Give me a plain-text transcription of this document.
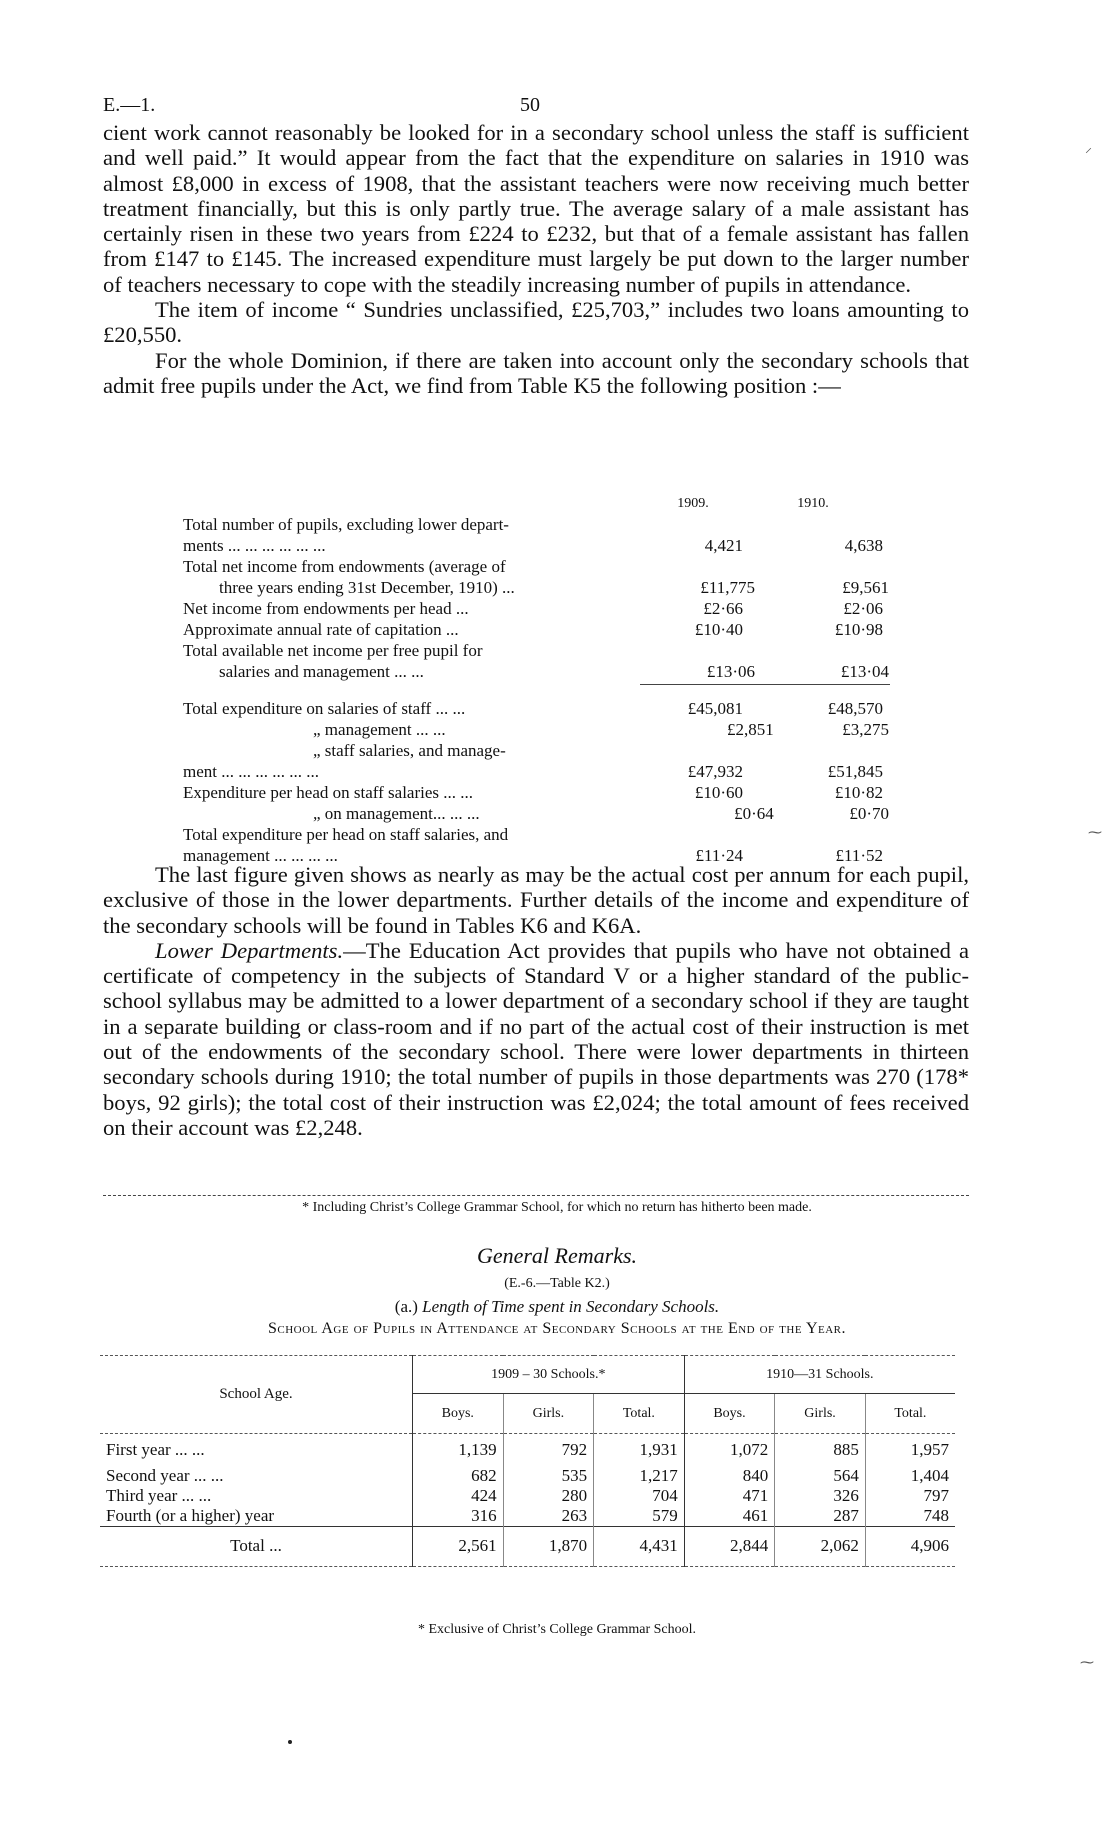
E.—1.	50

cient work cannot reasonably be looked for in a secondary school unless the staff is sufficient and well paid.” It would appear from the fact that the expenditure on salaries in 1910 was almost £8,000 in excess of 1908, that the assistant teachers were now receiving much better treatment financially, but this is only partly true. The average salary of a male assistant has certainly risen in these two years from £224 to £232, but that of a female assistant has fallen from £147 to £145. The increased expenditure must largely be put down to the larger number of teachers necessary to cope with the steadily increasing number of pupils in attendance.

The item of income “ Sundries unclassified, £25,703,” includes two loans amounting to £20,550.

For the whole Dominion, if there are taken into account only the secondary schools that admit free pupils under the Act, we find from Table K5 the following position :—

1909.	1910.
Total number of pupils, excluding lower depart-
ments ... ... ... ... ... ...	4,421	4,638
Total net income from endowments (average of
three years ending 31st December, 1910) ...	£11,775	£9,561
Net income from endowments per head ...	£2·66	£2·06
Approximate annual rate of capitation ...	£10·40	£10·98
Total available net income per free pupil for
salaries and management ... ...	£13·06	£13·04
Total expenditure on salaries of staff ... ...	£45,081	£48,570
„ management ... ...	£2,851	£3,275
„ staff salaries, and manage-
ment ... ... ... ... ... ...	£47,932	£51,845
Expenditure per head on staff salaries ... ...	£10·60	£10·82
„ on management... ... ...	£0·64	£0·70
Total expenditure per head on staff salaries, and
management ... ... ... ...	£11·24	£11·52

The last figure given shows as nearly as may be the actual cost per annum for each pupil, exclusive of those in the lower departments. Further details of the income and expenditure of the secondary schools will be found in Tables K6 and K6A.

Lower Departments.—The Education Act provides that pupils who have not obtained a certificate of competency in the subjects of Standard V or a higher standard of the public-school syllabus may be admitted to a lower department of a secondary school if they are taught in a separate building or class-room and if no part of the actual cost of their instruction is met out of the endowments of the secondary school. There were lower departments in thirteen secondary schools during 1910; the total number of pupils in those departments was 270 (178* boys, 92 girls); the total cost of their instruction was £2,024; the total amount of fees received on their account was £2,248.

* Including Christ’s College Grammar School, for which no return has hitherto been made.
General Remarks.
(E.-6.—Table K2.)
(a.) Length of Time spent in Secondary Schools.
School Age of Pupils in Attendance at Secondary Schools at the End of the Year.
School Age.	1909 – 30 Schools.*			1910—31 Schools.		
	Boys.	Girls.	Total.	Boys.	Girls.	Total.
First year ... ...	1,139	792	1,931	1,072	885	1,957
Second year ... ...	682	535	1,217	840	564	1,404
Third year ... ...	424	280	704	471	326	797
Fourth (or a higher) year	316	263	579	461	287	748
Total ...	2,561	1,870	4,431	2,844	2,062	4,906
* Exclusive of Christ’s College Grammar School.
⸝
⁓
⁓
